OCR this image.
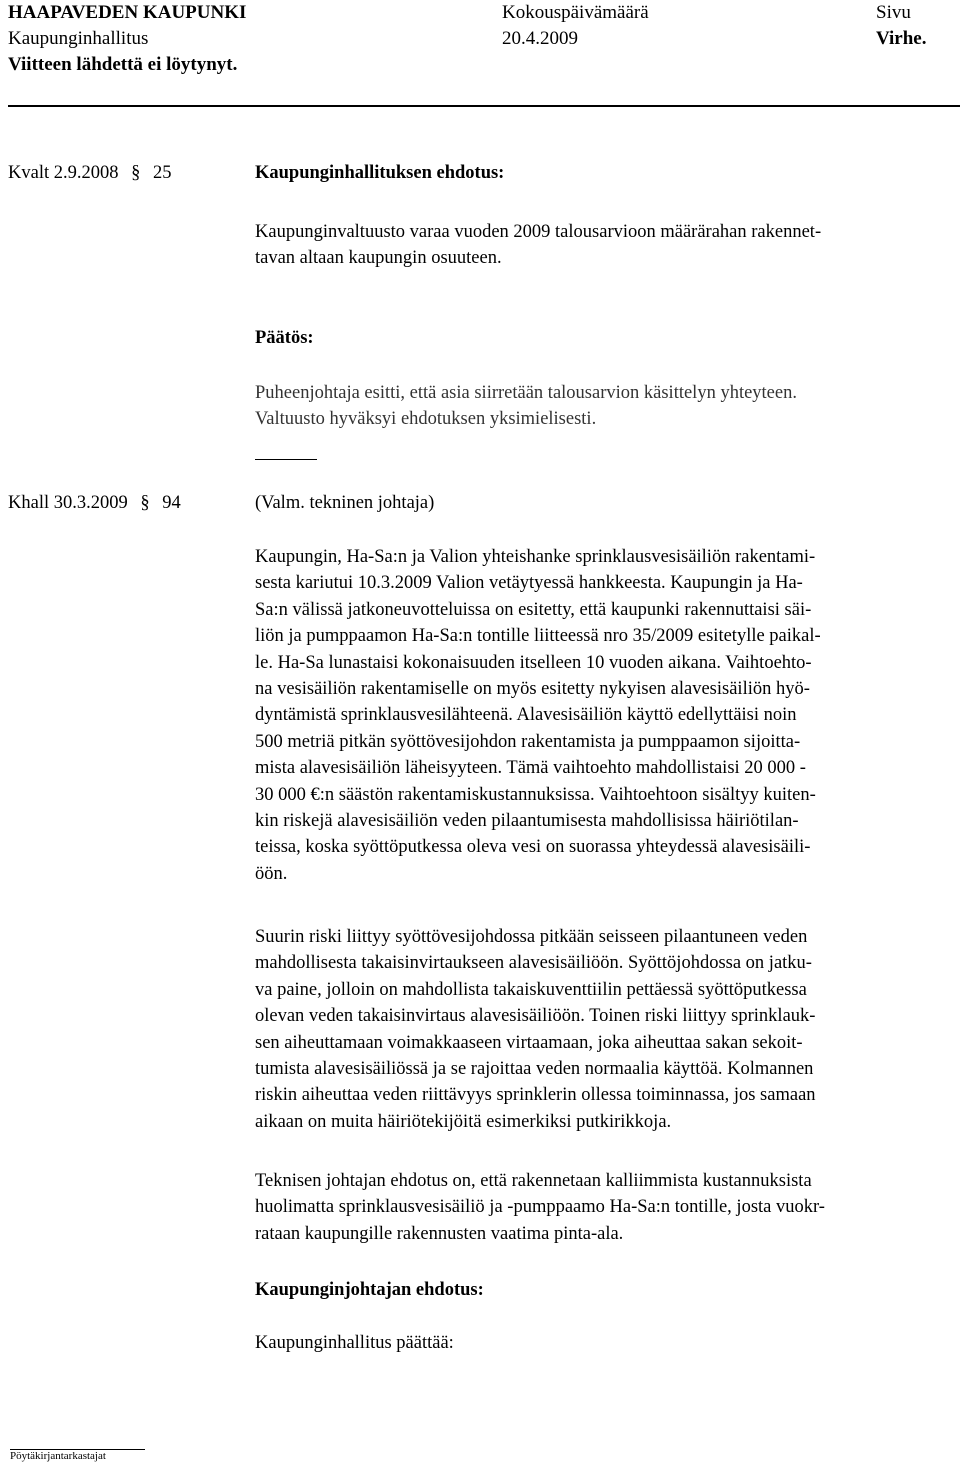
HAAPAVEDEN KAUPUNKI
Kaupunginhallitus
Viitteen lähdettä ei löytynyt.
Kokouspäivämäärä
20.4.2009
Sivu
Virhe.
Kvalt 2.9.2008 § 25	Kaupunginhallituksen ehdotus:
Kaupunginvaltuusto varaa vuoden 2009 talousarvioon määrärahan rakennet-
tavan altaan kaupungin osuuteen.
Päätös:
Puheenjohtaja esitti, että asia siirretään talousarvion käsittelyn yhteyteen.
Valtuusto hyväksyi ehdotuksen yksimielisesti.
Khall 30.3.2009 § 94	(Valm. tekninen johtaja)
Kaupungin, Ha-Sa:n ja Valion yhteishanke sprinklausvesisäiliön rakentami-
sesta kariutui 10.3.2009 Valion vetäytyessä hankkeesta. Kaupungin ja Ha-
Sa:n välissä jatkoneuvotteluissa on esitetty, että kaupunki rakennuttaisi säi-
liön ja pumppaamon Ha-Sa:n tontille liitteessä nro 35/2009 esitetylle paikal-
le. Ha-Sa lunastaisi kokonaisuuden itselleen 10 vuoden aikana. Vaihtoehto-
na vesisäiliön rakentamiselle on myös esitetty nykyisen alavesisäiliön hyö-
dyntämistä sprinklausvesilähteenä. Alavesisäiliön käyttö edellyttäisi noin
500 metriä pitkän syöttövesijohdon rakentamista ja pumppaamon sijoitta-
mista alavesisäiliön läheisyyteen. Tämä vaihtoehto mahdollistaisi 20 000 -
30 000 €:n säästön rakentamiskustannuksissa. Vaihtoehtoon sisältyy kuiten-
kin riskejä alavesisäiliön veden pilaantumisesta mahdollisissa häiriötilan-
teissa, koska syöttöputkessa oleva vesi on suorassa yhteydessä alavesisäili-
öön.
Suurin riski liittyy syöttövesijohdossa pitkään seisseen pilaantuneen veden
mahdollisesta takaisinvirtaukseen alavesisäiliöön. Syöttöjohdossa on jatku-
va paine, jolloin on mahdollista takaiskuventtiilin pettäessä syöttöputkessa
olevan veden takaisinvirtaus alavesisäiliöön. Toinen riski liittyy sprinklauk-
sen aiheuttamaan voimakkaaseen virtaamaan, joka aiheuttaa sakan sekoit-
tumista alavesisäiliössä ja se rajoittaa veden normaalia käyttöä. Kolmannen
riskin aiheuttaa veden riittävyys sprinklerin ollessa toiminnassa, jos samaan
aikaan on muita häiriötekijöitä esimerkiksi putkirikkoja.
Teknisen johtajan ehdotus on, että rakennetaan kalliimmista kustannuksista
huolimatta sprinklausvesisäiliö ja -pumppaamo Ha-Sa:n tontille, josta vuokr-
rataan kaupungille rakennusten vaatima pinta-ala.
Kaupunginjohtajan ehdotus:
Kaupunginhallitus päättää:
Pöytäkirjantarkastajat
